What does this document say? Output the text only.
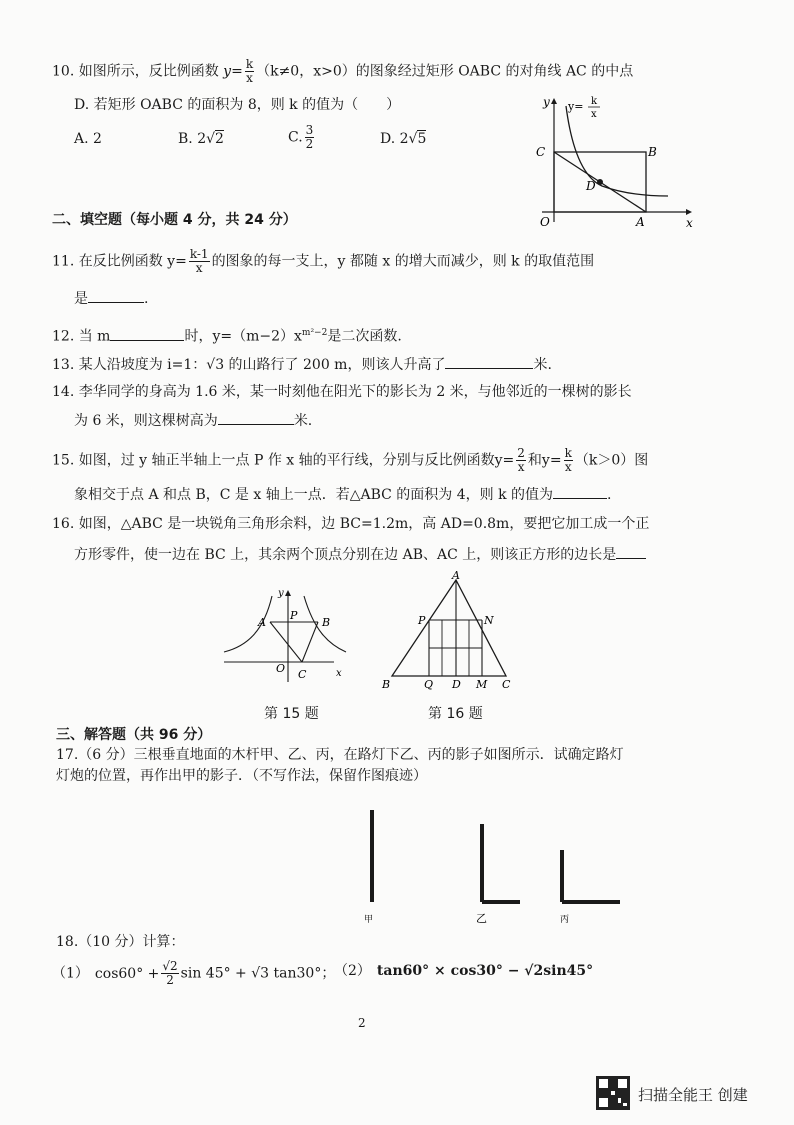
10. 如图所示，反比例函数 $y= \frac{k}{x} (k\ne 0$，x>0）的图象经过矩形 OABC 的对角线 AC 的中点
D. 若矩形 OABC 的面积为 8，则 k 的值为（　　）
A. 2	B. 2√2	C. $\frac{3}{2}$	D. 2√5
y y= k
x
C	B
D
O	A	x
二、填空题（每小题 4 分，共 24 分）
11. 在反比例函数 $y= \frac{k-1}{x}$ 的图象的每一支上，y 都随 x 的增大而减少，则 k 的取值范围
是	.
12. 当 m	时，$y=(m-2)x^{m^2-2}$是二次函数.
13. 某人沿坡度为 i=1：√3 的山路行了 200 m，则该人升高了	米.
14. 李华同学的身高为 1.6 米，某一时刻他在阳光下的影长为 2 米，与他邻近的一棵树的影长
为 6 米，则这棵树高为	米.
15. 如图，过 y 轴正半轴上一点 P 作 x 轴的平行线，分别与反比例函数$y= \frac{2}{x}$ 和$y= \frac{k}{x} (k>0)$图
象相交于点 A 和点 B，C 是 x 轴上一点．若△ABC 的面积为 4，则 k 的值为	.
16. 如图，△ABC 是一块锐角三角形余料，边 BC=1.2m，高 AD=0.8m，要把它加工成一个正
方形零件，使一边在 BC 上，其余两个顶点分别在边 AB、AC 上，则该正方形的边长是
y
A
P
B
O C	x
第 15 题
A
P	N
B	Q D M C
第 16 题
三、解答题（共 96 分）
17.（6 分）三根垂直地面的木杆甲、乙、丙，在路灯下乙、丙的影子如图所示．试确定路灯
灯炮的位置，再作出甲的影子．（不写作法，保留作图痕迹）
甲	乙	丙
18.（10 分）计算：
（1） $\cos 60^\circ + \frac{√2}{2}$ sin 45° + √3 tan30°；
（2） tan60° × cos30° − √2sin45°
2
扫描全能王 创建
